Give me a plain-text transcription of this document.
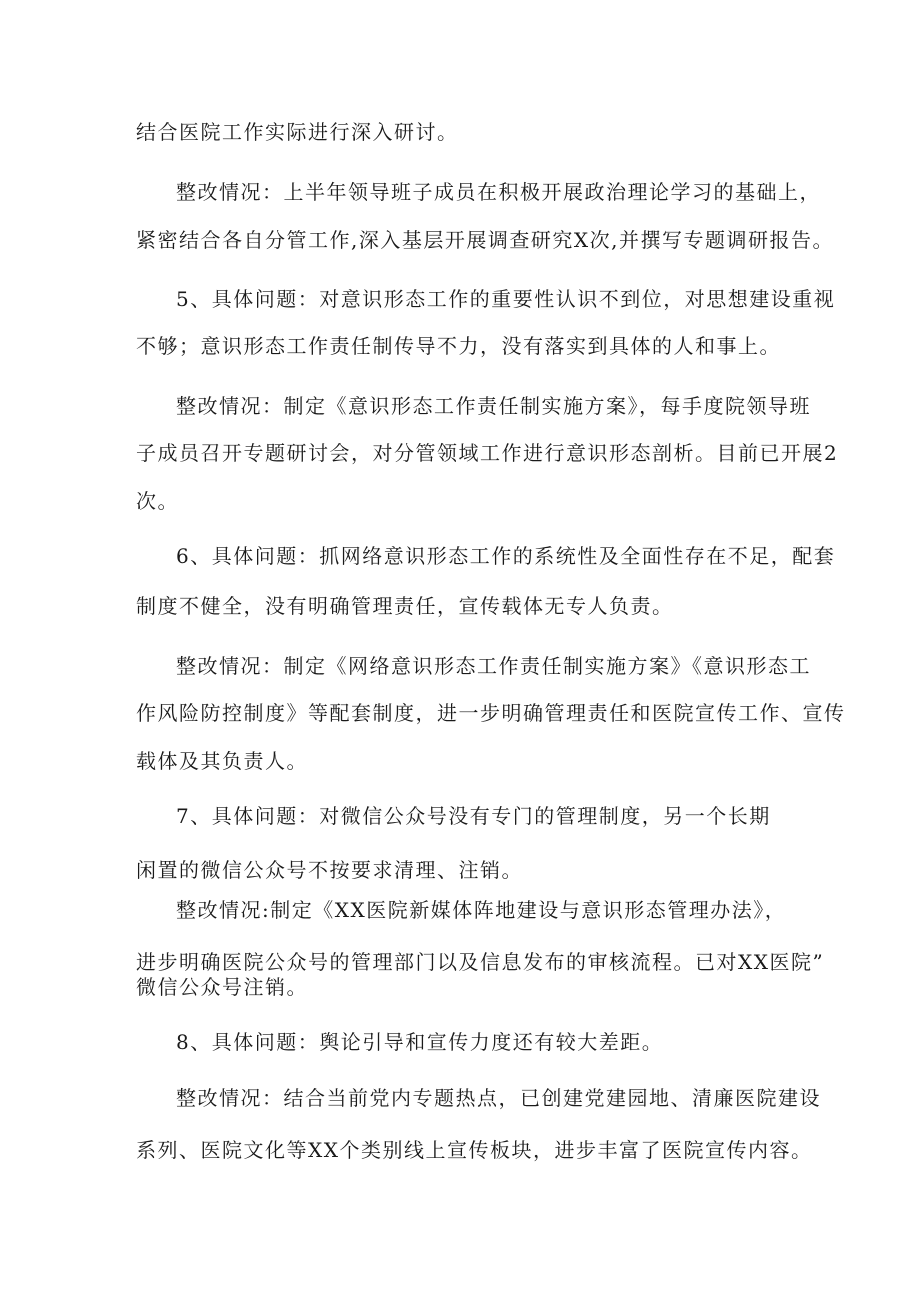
结合医院工作实际进行深入研讨。
整改情况：上半年领导班子成员在积极开展政治理论学习的基础上，
紧密结合各自分管工作,深入基层开展调查研究X次,并撰写专题调研报告。
5、具体问题：对意识形态工作的重要性认识不到位，对思想建设重视
不够；意识形态工作责任制传导不力，没有落实到具体的人和事上。
整改情况：制定《意识形态工作责任制实施方案》，每手度院领导班
子成员召开专题研讨会，对分管领域工作进行意识形态剖析。目前已开展2
次。
6、具体问题：抓网络意识形态工作的系统性及全面性存在不足，配套
制度不健全，没有明确管理责任，宣传载体无专人负责。
整改情况：制定《网络意识形态工作责任制实施方案》《意识形态工
作风险防控制度》等配套制度，进一步明确管理责任和医院宣传工作、宣传
载体及其负责人。
7、具体问题：对微信公众号没有专门的管理制度，另一个长期
闲置的微信公众号不按要求清理、注销。
整改情况:制定《XX医院新媒体阵地建设与意识形态管理办法》，
进步明确医院公众号的管理部门以及信息发布的审核流程。已对XX医院”
微信公众号注销。
8、具体问题：舆论引导和宣传力度还有较大差距。
整改情况：结合当前党内专题热点，已创建党建园地、清廉医院建设
系列、医院文化等XX个类别线上宣传板块，进步丰富了医院宣传内容。
